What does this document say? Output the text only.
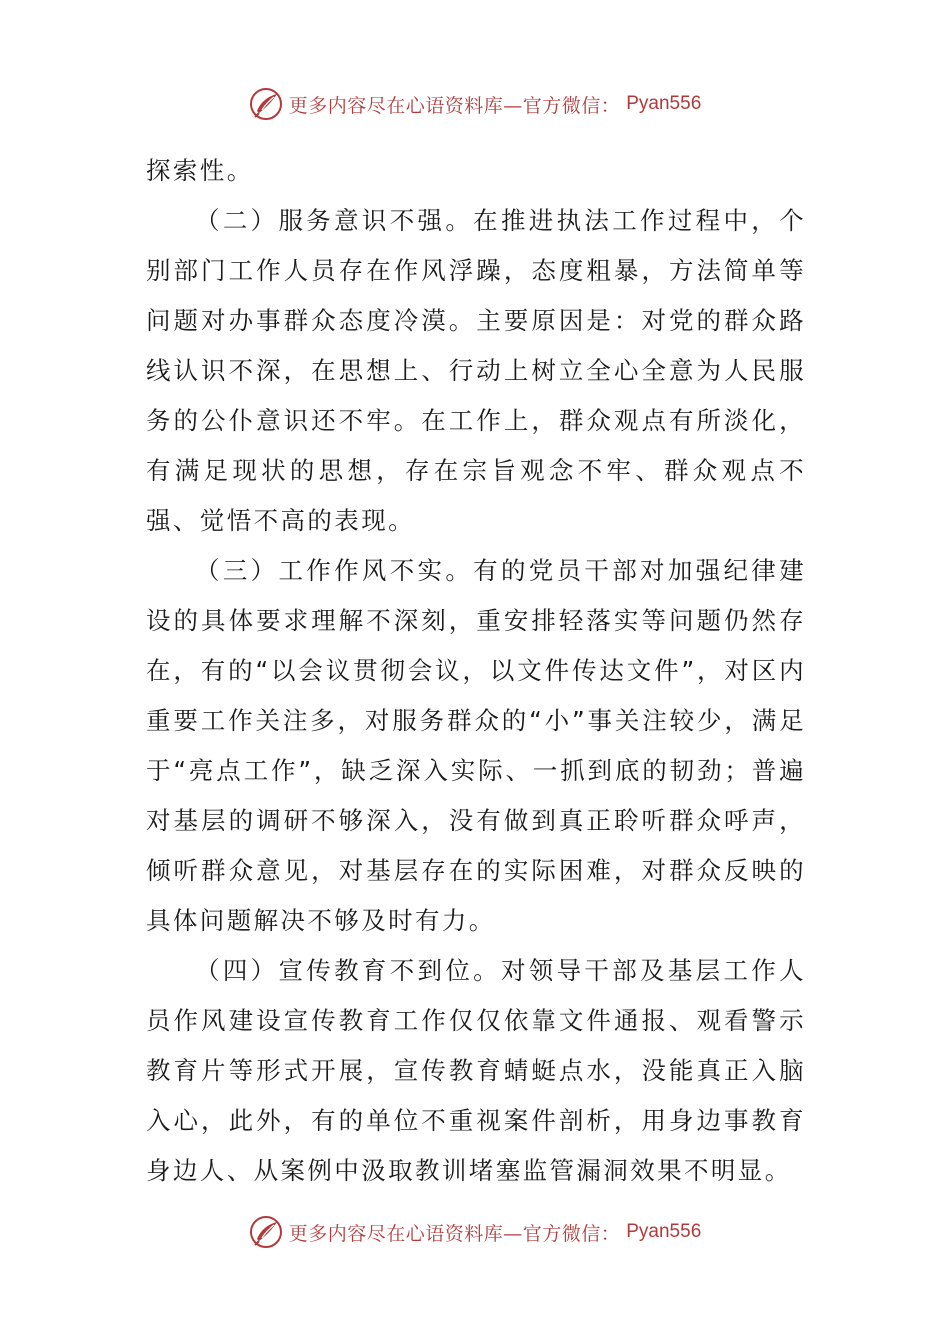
更多内容尽在心语资料库—官方微信： Pyan556

探索性。

（二）服务意识不强。在推进执法工作过程中，个别部门工作人员存在作风浮躁，态度粗暴，方法简单等问题对办事群众态度冷漠。主要原因是：对党的群众路线认识不深，在思想上、行动上树立全心全意为人民服务的公仆意识还不牢。在工作上，群众观点有所淡化，有满足现状的思想，存在宗旨观念不牢、群众观点不强、觉悟不高的表现。

（三）工作作风不实。有的党员干部对加强纪律建设的具体要求理解不深刻，重安排轻落实等问题仍然存在，有的“以会议贯彻会议，以文件传达文件”，对区内重要工作关注多，对服务群众的“小”事关注较少，满足于“亮点工作”，缺乏深入实际、一抓到底的韧劲；普遍对基层的调研不够深入，没有做到真正聆听群众呼声，倾听群众意见，对基层存在的实际困难，对群众反映的具体问题解决不够及时有力。

（四）宣传教育不到位。对领导干部及基层工作人员作风建设宣传教育工作仅仅依靠文件通报、观看警示教育片等形式开展，宣传教育蜻蜓点水，没能真正入脑入心，此外，有的单位不重视案件剖析，用身边事教育身边人、从案例中汲取教训堵塞监管漏洞效果不明显。

更多内容尽在心语资料库—官方微信： Pyan556
